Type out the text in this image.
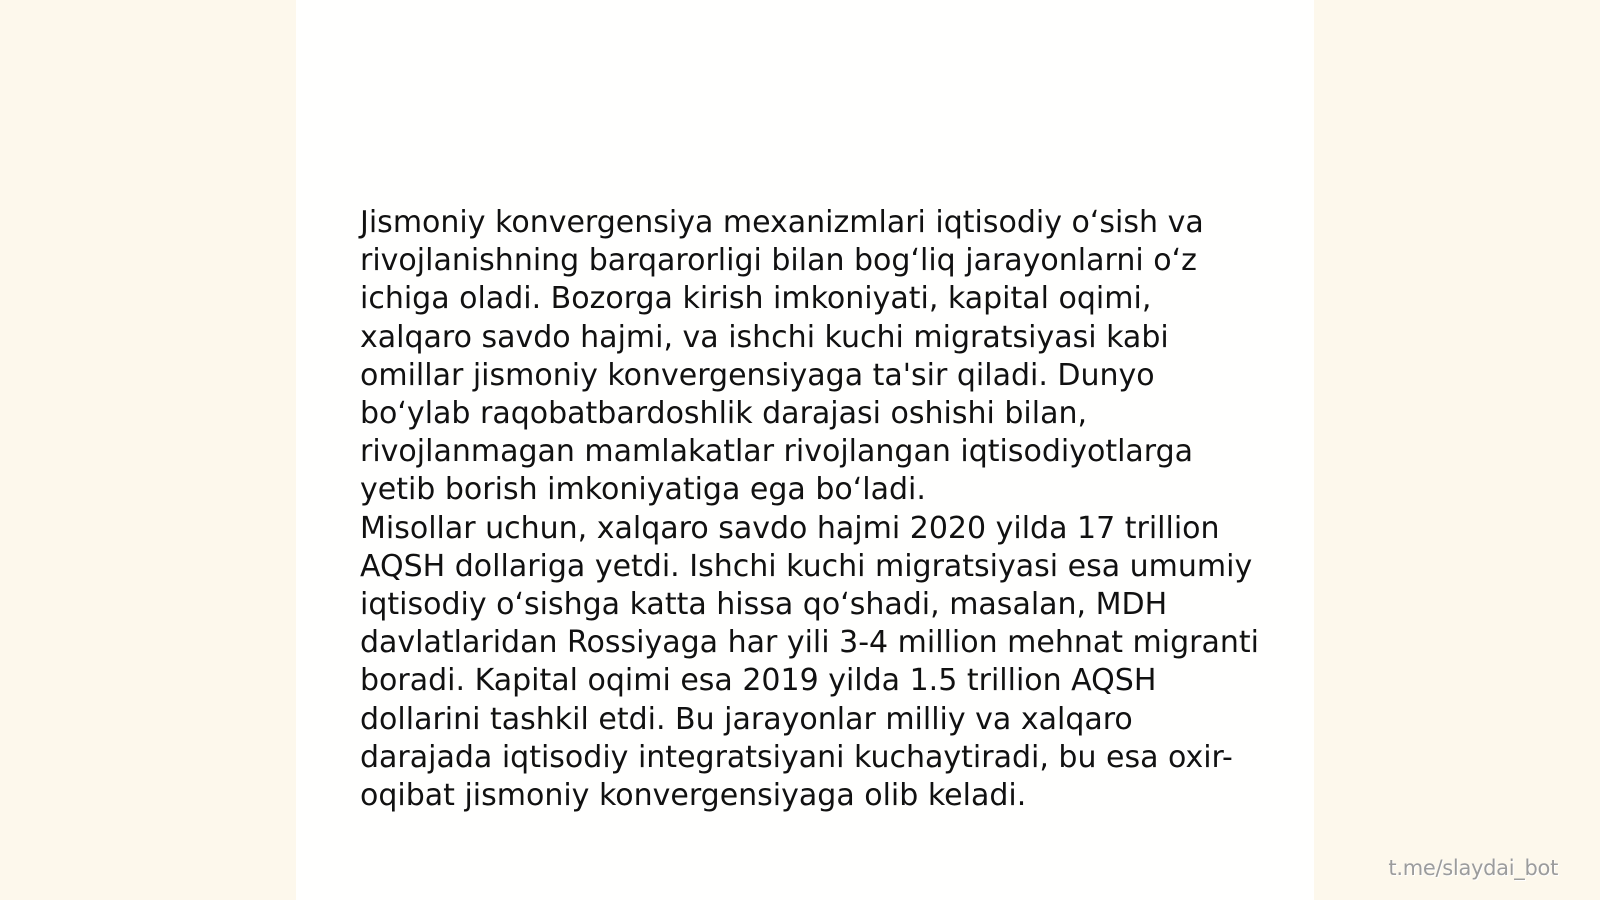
Jismoniy konvergensiya mexanizmlari iqtisodiy o‘sish va rivojlanishning barqarorligi bilan bog‘liq jarayonlarni o‘z ichiga oladi. Bozorga kirish imkoniyati, kapital oqimi, xalqaro savdo hajmi, va ishchi kuchi migratsiyasi kabi omillar jismoniy konvergensiyaga ta'sir qiladi. Dunyo bo‘ylab raqobatbardoshlik darajasi oshishi bilan, rivojlanmagan mamlakatlar rivojlangan iqtisodiyotlarga yetib borish imkoniyatiga ega bo‘ladi.

Misollar uchun, xalqaro savdo hajmi 2020 yilda 17 trillion AQSH dollariga yetdi. Ishchi kuchi migratsiyasi esa umumiy iqtisodiy o‘sishga katta hissa qo‘shadi, masalan, MDH davlatlaridan Rossiyaga har yili 3-4 million mehnat migranti boradi. Kapital oqimi esa 2019 yilda 1.5 trillion AQSH dollarini tashkil etdi. Bu jarayonlar milliy va xalqaro darajada iqtisodiy integratsiyani kuchaytiradi, bu esa oxir-oqibat jismoniy konvergensiyaga olib keladi.

t.me/slaydai_bot
